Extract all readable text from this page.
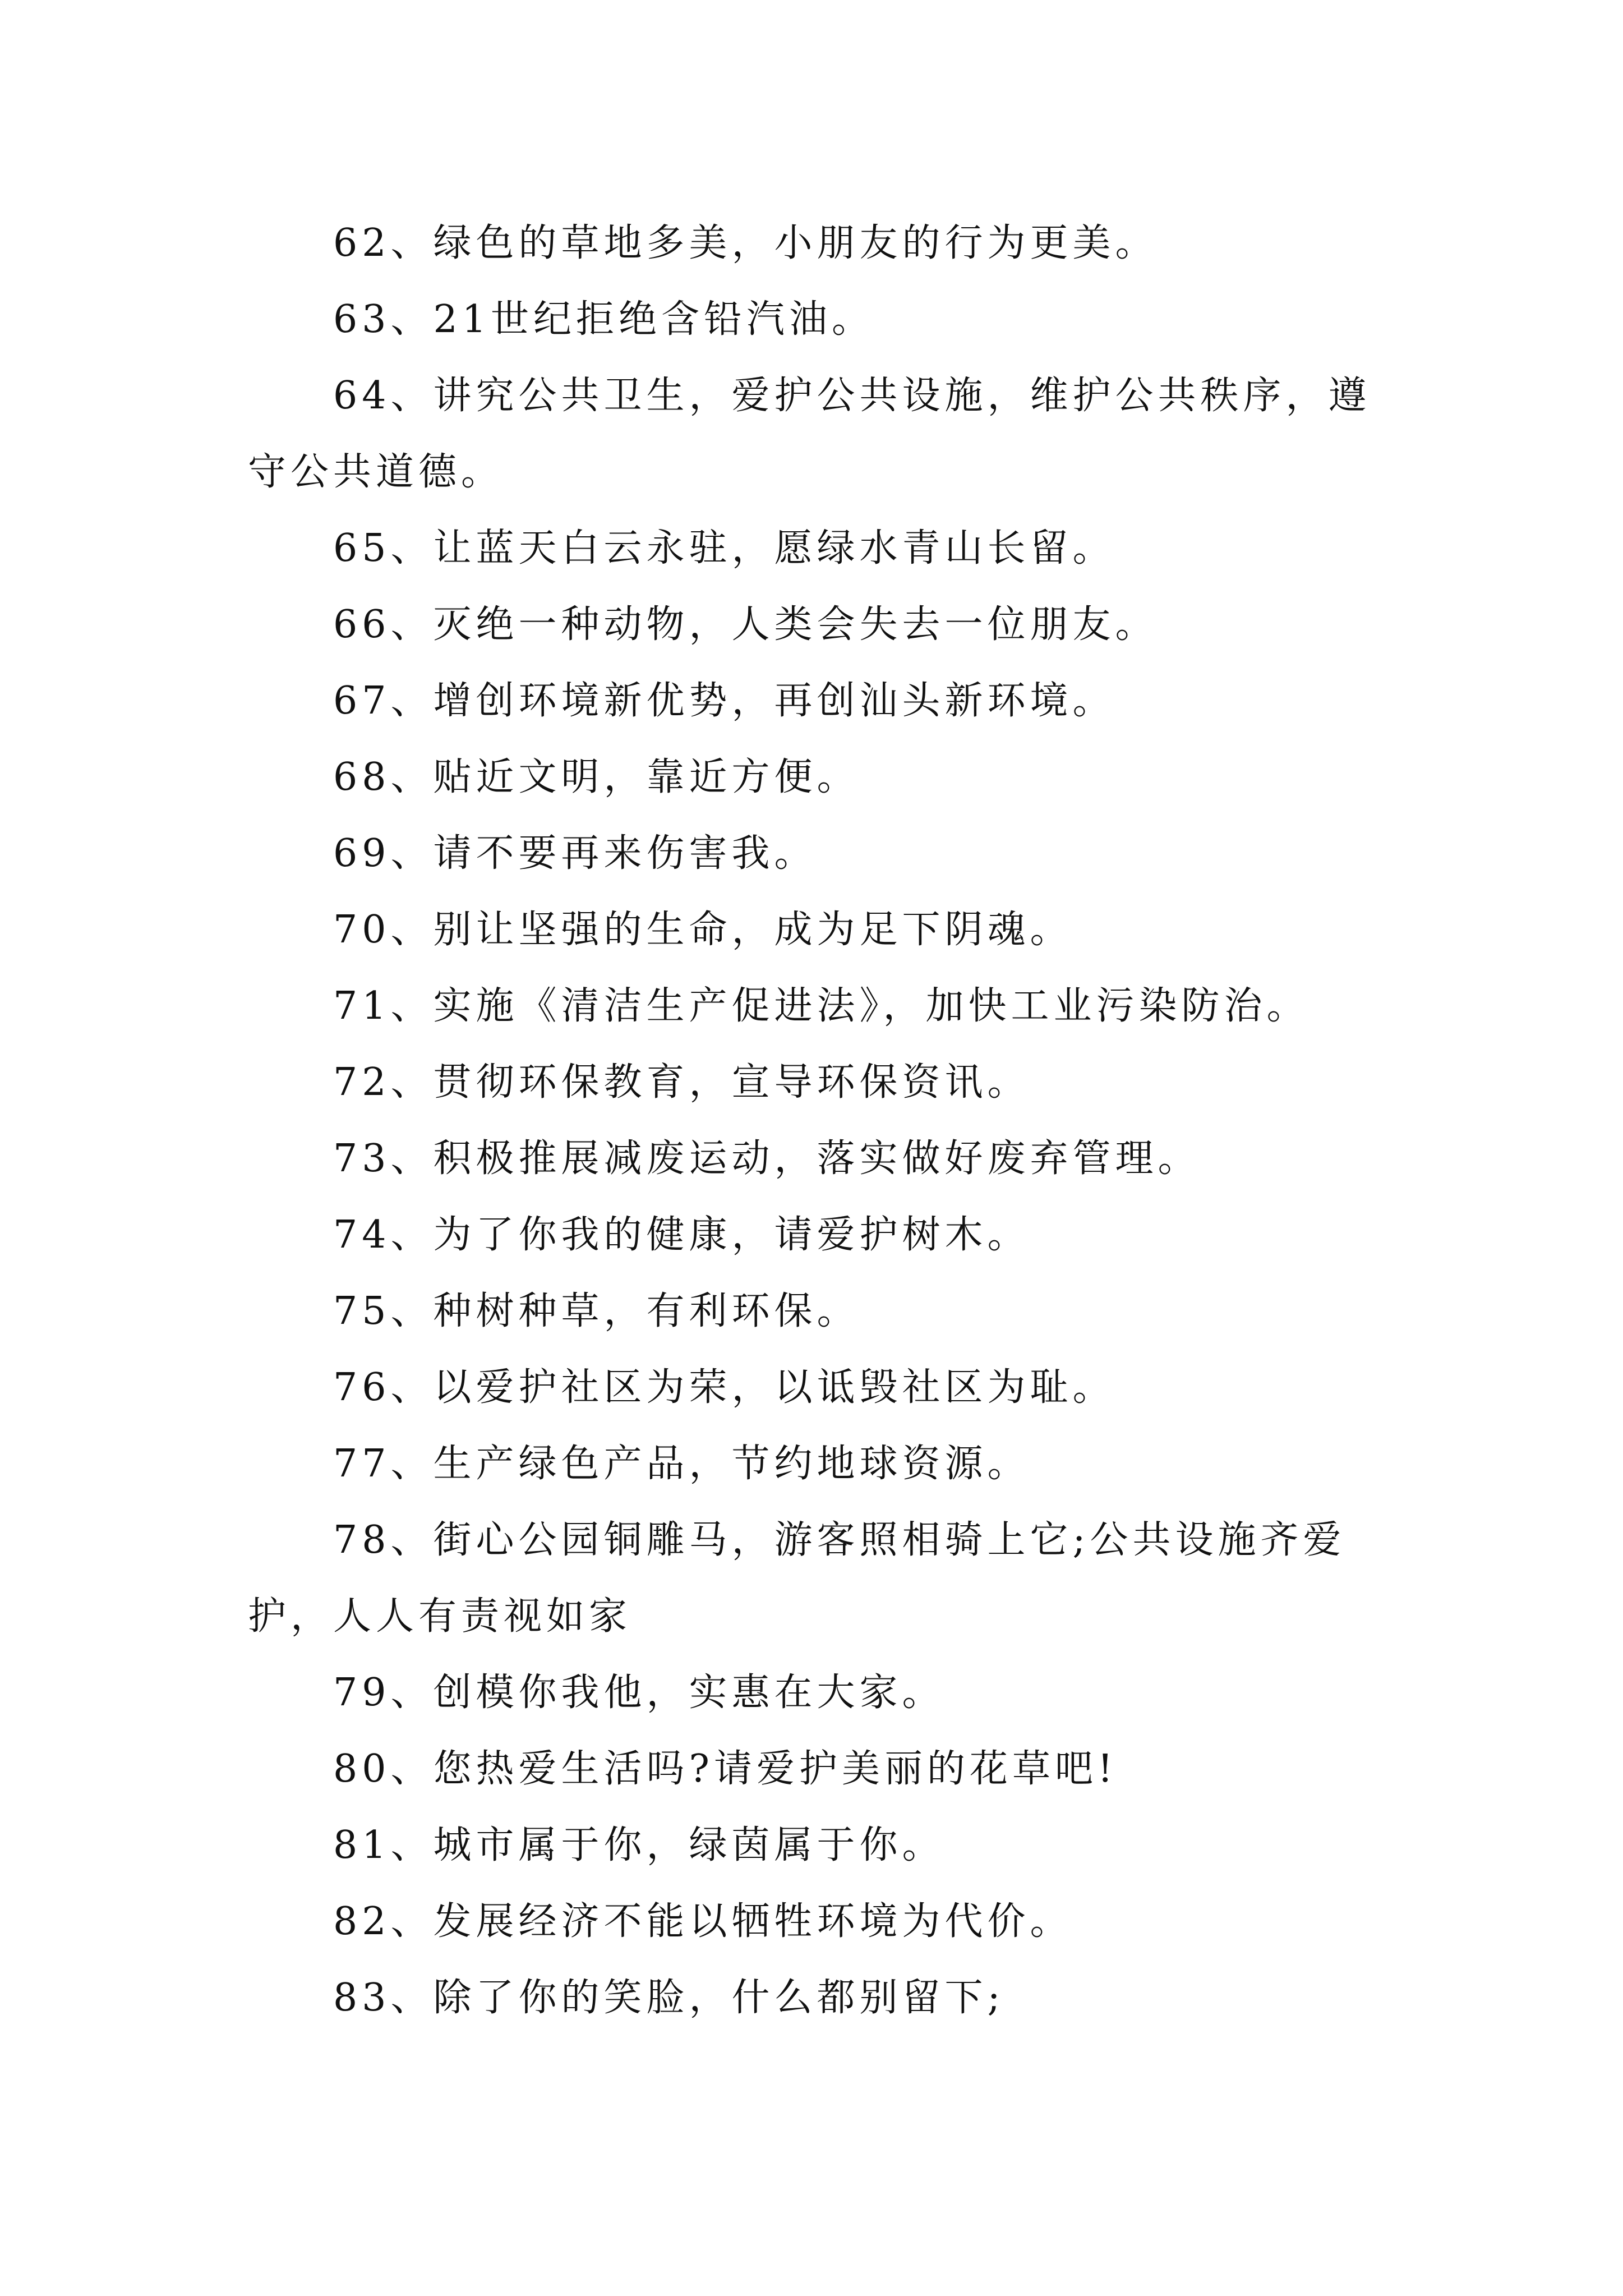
62、绿色的草地多美，小朋友的行为更美。

63、21世纪拒绝含铅汽油。

64、讲究公共卫生，爱护公共设施，维护公共秩序，遵守公共道德。

65、让蓝天白云永驻，愿绿水青山长留。

66、灭绝一种动物，人类会失去一位朋友。

67、增创环境新优势，再创汕头新环境。

68、贴近文明，靠近方便。

69、请不要再来伤害我。

70、别让坚强的生命，成为足下阴魂。

71、实施《清洁生产促进法》，加快工业污染防治。

72、贯彻环保教育，宣导环保资讯。

73、积极推展减废运动，落实做好废弃管理。

74、为了你我的健康，请爱护树木。

75、种树种草，有利环保。

76、以爱护社区为荣，以诋毁社区为耻。

77、生产绿色产品，节约地球资源。

78、街心公园铜雕马，游客照相骑上它;公共设施齐爱护，人人有责视如家

79、创模你我他，实惠在大家。

80、您热爱生活吗?请爱护美丽的花草吧!

81、城市属于你，绿茵属于你。

82、发展经济不能以牺牲环境为代价。

83、除了你的笑脸，什么都别留下;
